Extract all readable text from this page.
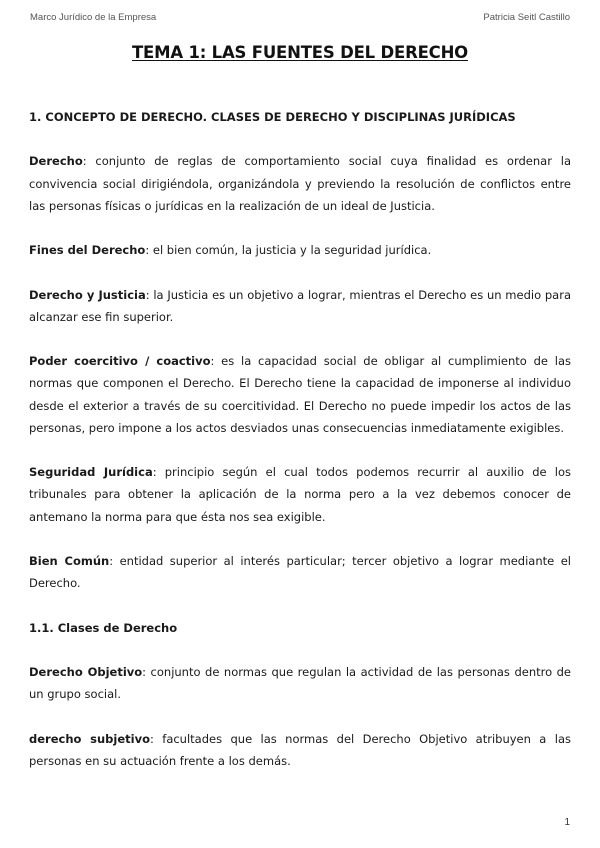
Marco Jurídico de la Empresa	Patricia Seitl Castillo
TEMA 1: LAS FUENTES DEL DERECHO
1. CONCEPTO DE DERECHO. CLASES DE DERECHO Y DISCIPLINAS JURÍDICAS

Derecho: conjunto de reglas de comportamiento social cuya finalidad es ordenar la convivencia social dirigiéndola, organizándola y previendo la resolución de conflictos entre las personas físicas o jurídicas en la realización de un ideal de Justicia.

Fines del Derecho: el bien común, la justicia y la seguridad jurídica.

Derecho y Justicia: la Justicia es un objetivo a lograr, mientras el Derecho es un medio para alcanzar ese fin superior.

Poder coercitivo / coactivo: es la capacidad social de obligar al cumplimiento de las normas que componen el Derecho. El Derecho tiene la capacidad de imponerse al individuo desde el exterior a través de su coercitividad. El Derecho no puede impedir los actos de las personas, pero impone a los actos desviados unas consecuencias inmediatamente exigibles.

Seguridad Jurídica: principio según el cual todos podemos recurrir al auxilio de los tribunales para obtener la aplicación de la norma pero a la vez debemos conocer de antemano la norma para que ésta nos sea exigible.

Bien Común: entidad superior al interés particular; tercer objetivo a lograr mediante el Derecho.

1.1. Clases de Derecho

Derecho Objetivo: conjunto de normas que regulan la actividad de las personas dentro de un grupo social.

derecho subjetivo: facultades que las normas del Derecho Objetivo atribuyen a las personas en su actuación frente a los demás.

1
